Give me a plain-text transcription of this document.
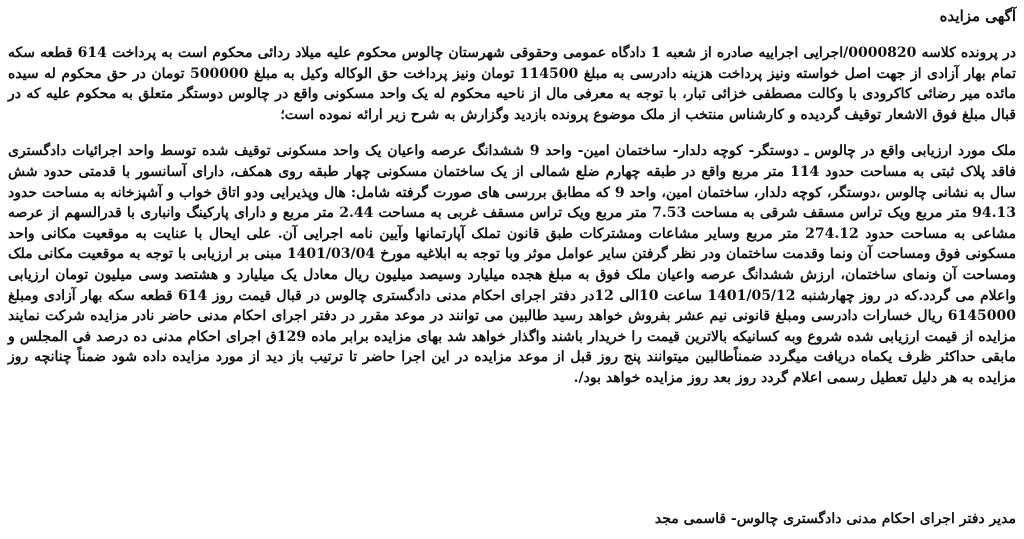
آگهی مزایده

در پرونده کلاسه 0000820/اجرایی اجراییه صادره از شعبه 1 دادگاه عمومی وحقوقی شهرستان چالوس محکوم علیه میلاد ردائی محکوم است به پرداخت 614 قطعه سکه تمام بهار آزادی از جهت اصل خواسته ونیز پرداخت هزینه دادرسی به مبلغ 114500 تومان ونیز پرداخت حق الوکاله وکیل به مبلغ 500000 تومان در حق محکوم له سیده مائده میر رضائی کاکرودی با وکالت مصطفی خزائی تبار، با توجه به معرفی مال از ناحیه محکوم له یک واحد مسکونی واقع در چالوس دوستگر متعلق به محکوم علیه که در قبال مبلغ فوق الاشعار توقیف گردیده و کارشناس منتخب از ملک موضوع پرونده بازدید وگزارش به شرح زیر ارائه نموده است؛

ملک مورد ارزیابی واقع در چالوس ـ دوستگر- کوچه دلدار- ساختمان امین- واحد 9 ششدانگ عرصه واعیان یک واحد مسکونی توقیف شده توسط واحد اجرائیات دادگستری فاقد پلاک ثبتی به مساحت حدود 114 متر مربع واقع در طبقه چهارم ضلع شمالی از یک ساختمان مسکونی چهار طبقه روی همکف، دارای آسانسور با قدمتی حدود شش سال به نشانی چالوس ،دوستگر، کوچه دلدار، ساختمان امین، واحد 9 که مطابق بررسی های صورت گرفته شامل: هال وپذیرایی ودو اتاق خواب و آشپزخانه به مساحت حدود 94.13 متر مربع ویک تراس مسقف شرقی به مساحت 7.53 متر مربع ویک تراس مسقف غربی به مساحت 2.44 متر مربع و دارای پارکینگ وانباری با قدرالسهم از عرصه مشاعی به مساحت حدود 274.12 متر مربع وسایر مشاعات ومشترکات طبق قانون تملک آپارتمانها وآیین نامه اجرایی آن. علی ایحال با عنایت به موقعیت مکانی واحد مسکونی فوق ومساحت آن ونما وقدمت ساختمان ودر نظر گرفتن سایر عوامل موثر وبا توجه به ابلاغیه مورخ 1401/03/04 مبنی بر ارزیابی با توجه به موقعیت مکانی ملک ومساحت آن ونمای ساختمان، ارزش ششدانگ عرصه واعیان ملک فوق به مبلغ هجده میلیارد وسیصد میلیون ریال معادل یک میلیارد و هشتصد وسی میلیون تومان ارزیابی واعلام می گردد.که در روز چهارشنبه 1401/05/12 ساعت 10الی 12در دفتر اجرای احکام مدنی دادگستری چالوس در قبال قیمت روز 614 قطعه سکه بهار آزادی ومبلغ 6145000 ریال خسارات دادرسی ومبلغ قانونی نیم عشر بفروش خواهد رسید طالبین می توانند در موعد مقرر در دفتر اجرای احکام مدنی حاضر نادر مزایده شرکت نمایند مزایده از قیمت ارزیابی شده شروع وبه کسانیکه بالاترین قیمت را خریدار باشند واگذار خواهد شد بهای مزایده برابر ماده 129ق اجرای احکام مدنی ده درصد فی المجلس و مابقی حداکثر ظرف یکماه دریافت میگردد ضمناًطالبین میتوانند پنج روز قبل از موعد مزایده در این اجرا حاضر تا ترتیب باز دید از مورد مزایده داده شود ضمناً چنانچه روز مزایده به هر دلیل تعطیل رسمی اعلام گردد روز بعد روز مزایده خواهد بود/.

مدیر دفتر اجرای احکام مدنی دادگستری چالوس- قاسمی مجد
